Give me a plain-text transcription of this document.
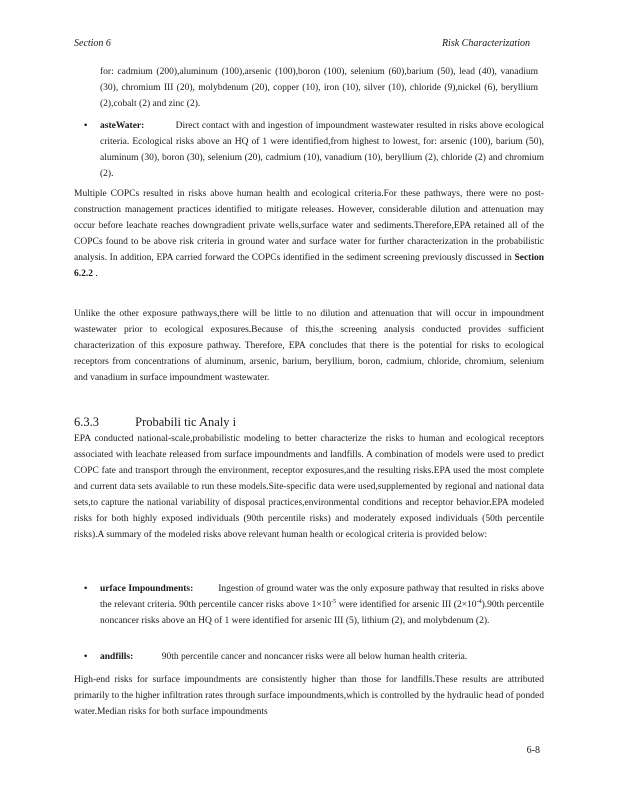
Section 6	Risk Characterization

for: cadmium (200),aluminum (100),arsenic (100),boron (100), selenium (60),barium (50), lead (40), vanadium (30), chromium III (20), molybdenum (20), copper (10), iron (10), silver (10), chloride (9),nickel (6), beryllium (2),cobalt (2) and zinc (2).

• asteWater:	Direct contact with and ingestion of impoundment wastewater resulted in risks above ecological criteria. Ecological risks above an HQ of 1 were identified,from highest to lowest, for: arsenic (100), barium (50), aluminum (30), boron (30), selenium (20), cadmium (10), vanadium (10), beryllium (2), chloride (2) and chromium (2).

Multiple COPCs resulted in risks above human health and ecological criteria.For these pathways, there were no post-construction management practices identified to mitigate releases. However, considerable dilution and attenuation may occur before leachate reaches downgradient private wells,surface water and sediments.Therefore,EPA retained all of the COPCs found to be above risk criteria in ground water and surface water for further characterization in the probabilistic analysis. In addition, EPA carried forward the COPCs identified in the sediment screening previously discussed in Section 6.2.2 .

Unlike the other exposure pathways,there will be little to no dilution and attenuation that will occur in impoundment wastewater prior to ecological exposures.Because of this,the screening analysis conducted provides sufficient characterization of this exposure pathway. Therefore, EPA concludes that there is the potential for risks to ecological receptors from concentrations of aluminum, arsenic, barium, beryllium, boron, cadmium, chloride, chromium, selenium and vanadium in surface impoundment wastewater.

6.3.3	Probabili tic Analy i

EPA conducted national-scale,probabilistic modeling to better characterize the risks to human and ecological receptors associated with leachate released from surface impoundments and landfills. A combination of models were used to predict COPC fate and transport through the environment, receptor exposures,and the resulting risks.EPA used the most complete and current data sets available to run these models.Site-specific data were used,supplemented by regional and national data sets,to capture the national variability of disposal practices,environmental conditions and receptor behavior.EPA modeled risks for both highly exposed individuals (90th percentile risks) and moderately exposed individuals (50th percentile risks).A summary of the modeled risks above relevant human health or ecological criteria is provided below:

• urface Impoundments:	Ingestion of ground water was the only exposure pathway that resulted in risks above the relevant criteria. 90th percentile cancer risks above $1\times 10^{-5}$ were identified for arsenic III $(2\times 10^{-4}).90th$ percentile noncancer risks above an HQ of 1 were identified for arsenic III (5), lithium (2), and molybdenum (2).

• andfills:	90th percentile cancer and noncancer risks were all below human health criteria.

High-end risks for surface impoundments are consistently higher than those for landfills.These results are attributed primarily to the higher infiltration rates through surface impoundments,which is controlled by the hydraulic head of ponded water.Median risks for both surface impoundments

6-8
